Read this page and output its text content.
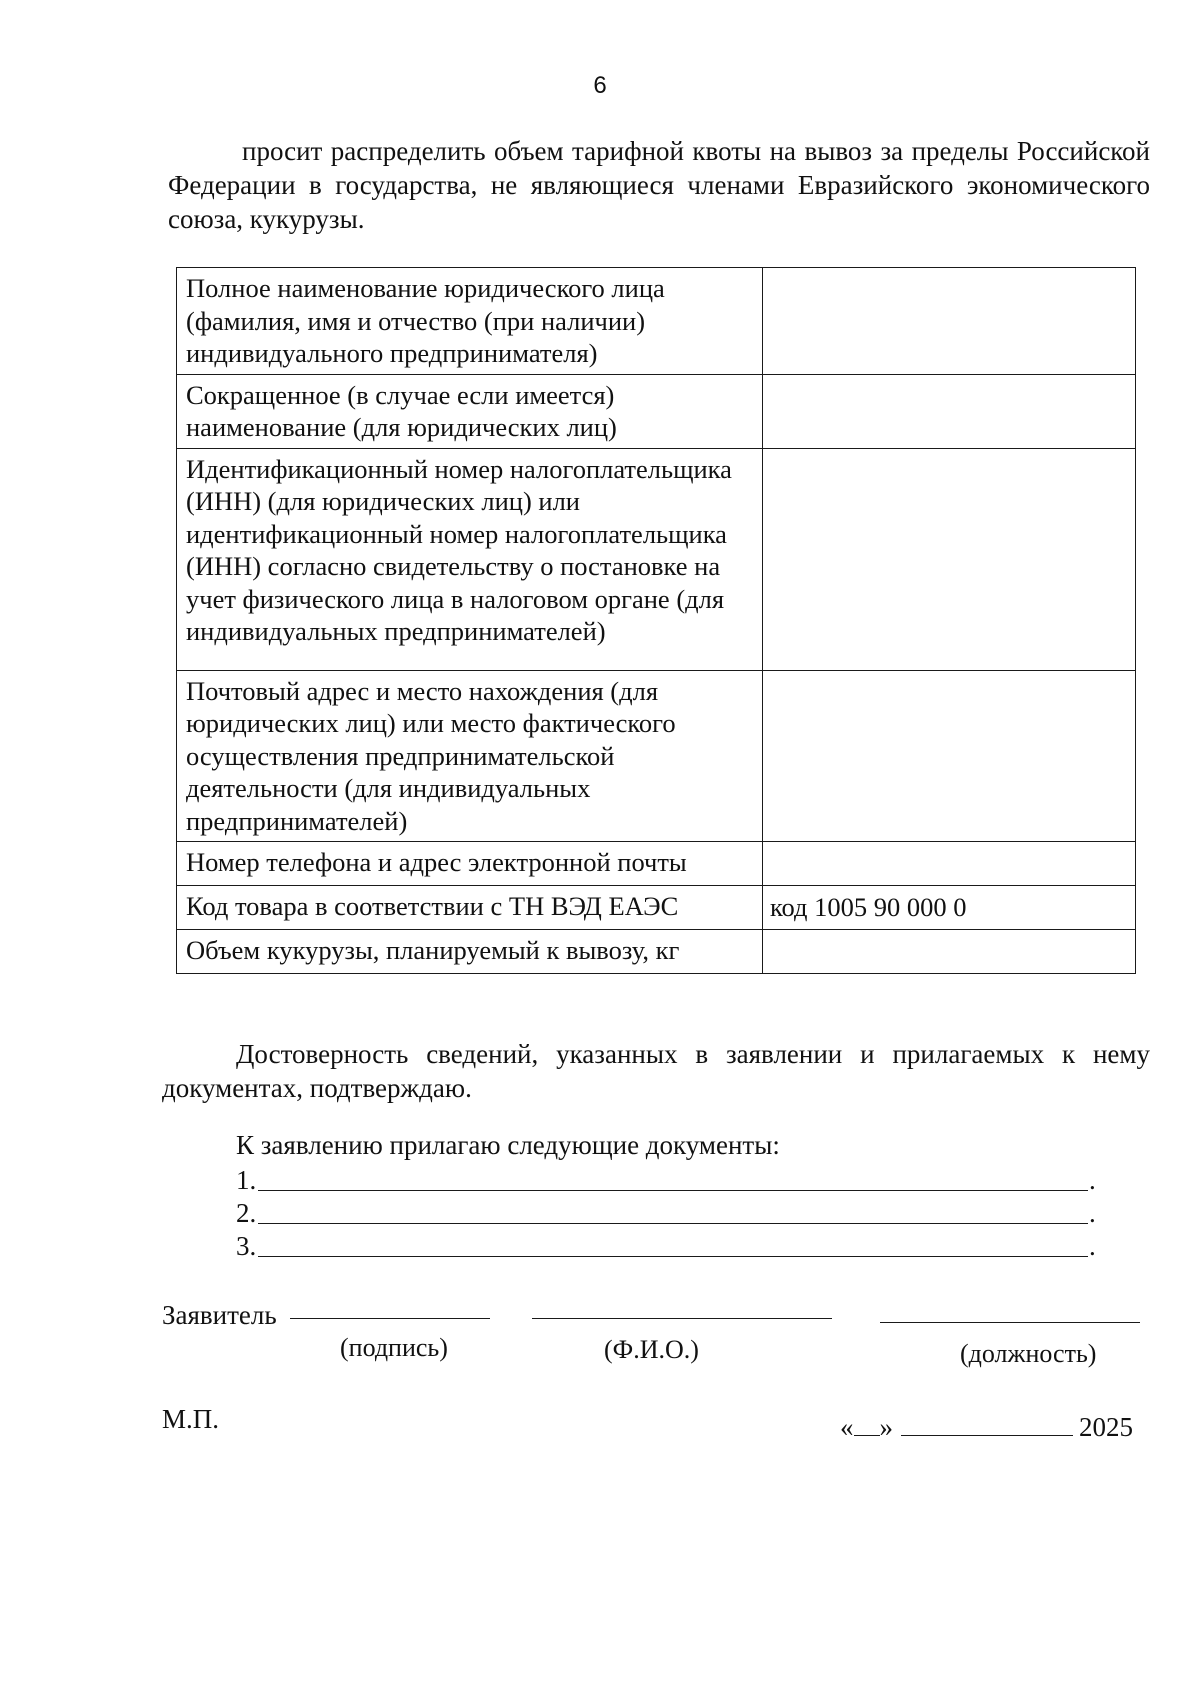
6

просит распределить объем тарифной квоты на вывоз за пределы Российской Федерации в государства, не являющиеся членами Евразийского экономического союза, кукурузы.

Полное наименование юридического лица (фамилия, имя и отчество (при наличии) индивидуального предпринимателя)	
Сокращенное (в случае если имеется) наименование (для юридических лиц)	
Идентификационный номер налогоплательщика (ИНН) (для юридических лиц) или идентификационный номер налогоплательщика (ИНН) согласно свидетельству о постановке на учет физического лица в налоговом органе (для индивидуальных предпринимателей)	
Почтовый адрес и место нахождения (для юридических лиц) или место фактического осуществления предпринимательской деятельности (для индивидуальных предпринимателей)	
Номер телефона и адрес электронной почты	
Код товара в соответствии с ТН ВЭД ЕАЭС	код 1005 90 000 0
Объем кукурузы, планируемый к вывозу, кг	

Достоверность сведений, указанных в заявлении и прилагаемых к нему документах, подтверждаю.

К заявлению прилагаю следующие документы:
1.	.
2.	.
3.	.
Заявитель
(подпись)	(Ф.И.О.)	(должность)
М.П.	« »	2025
